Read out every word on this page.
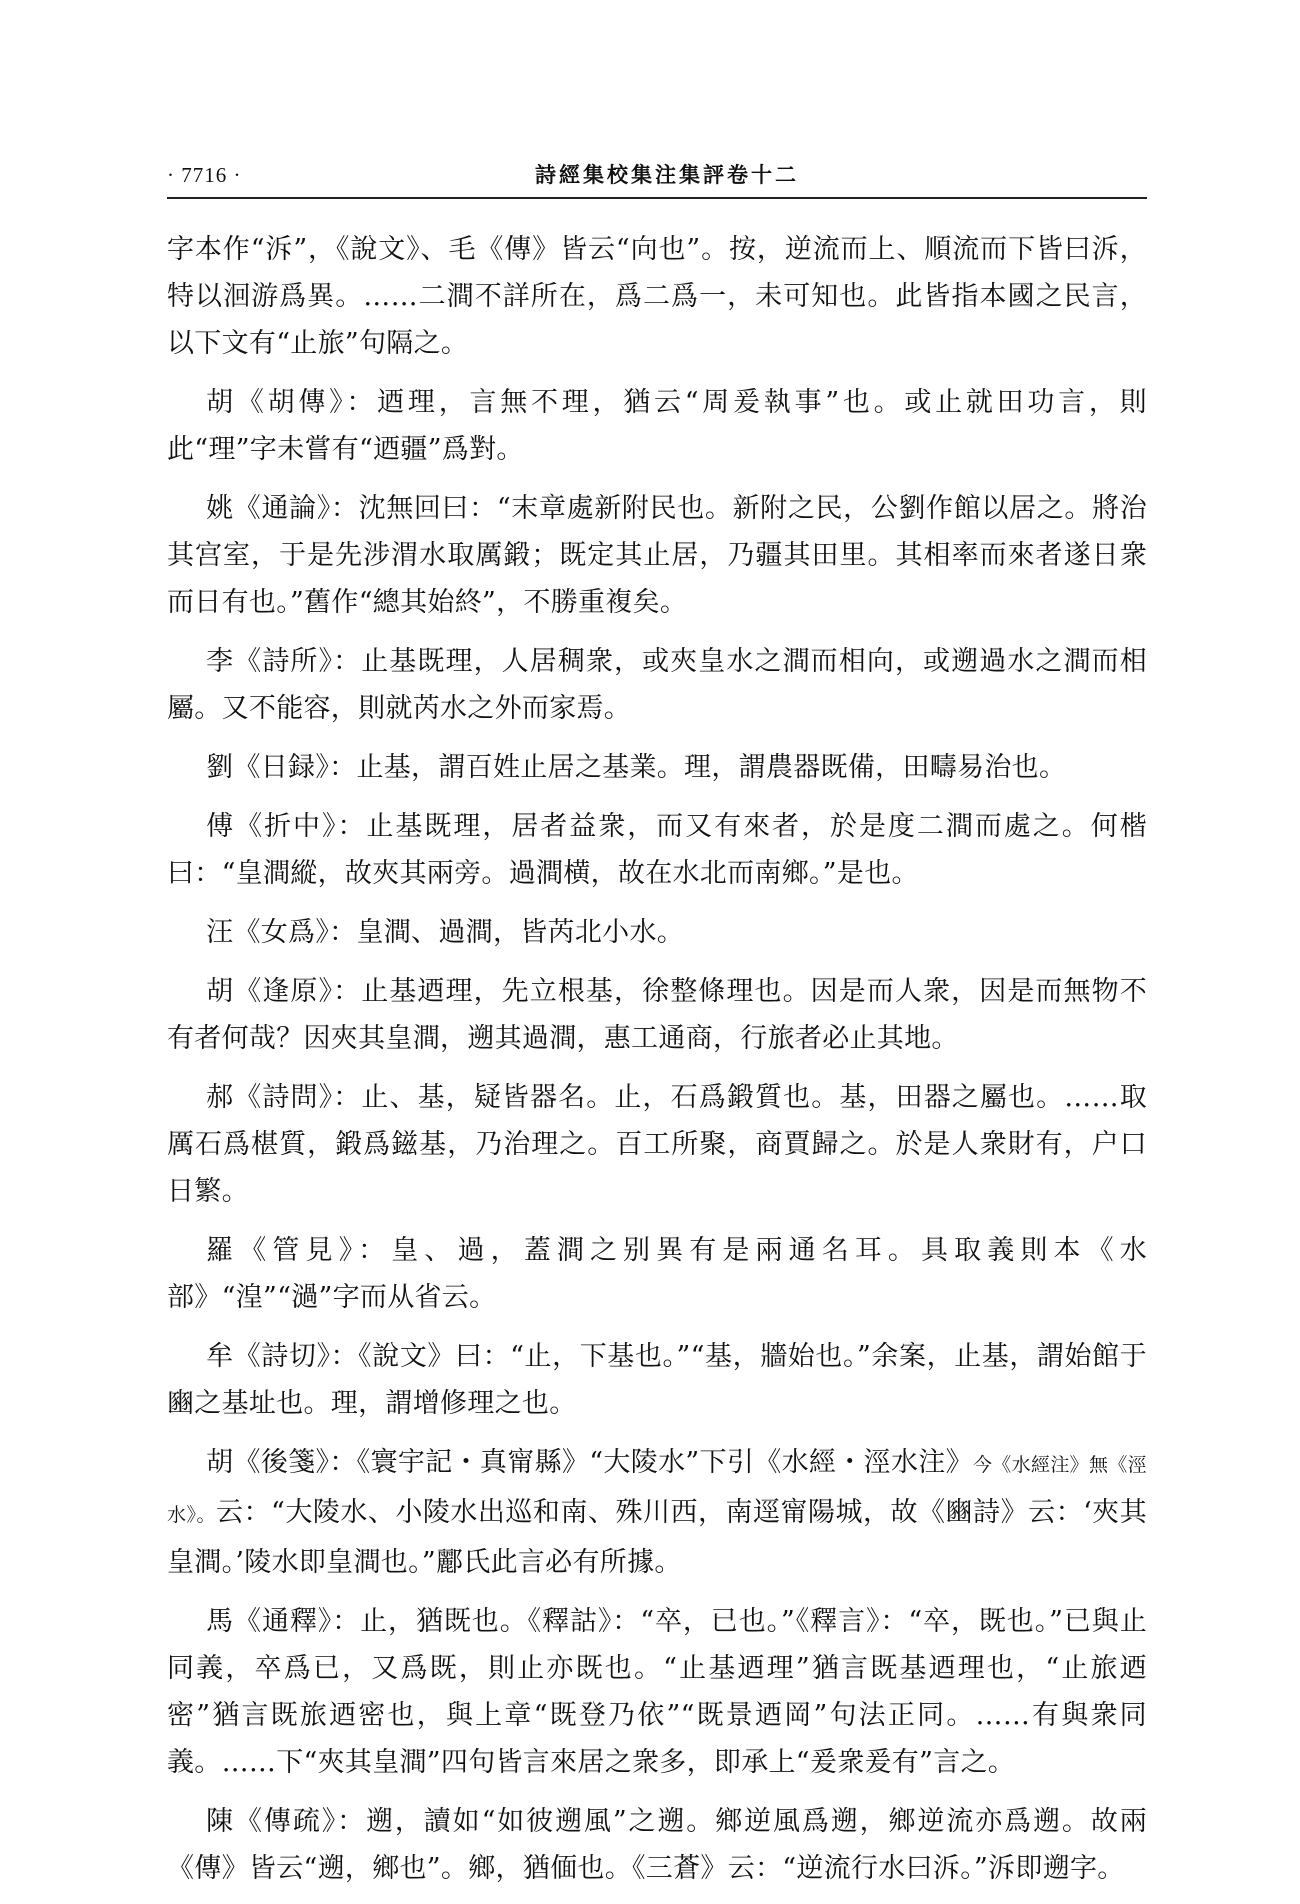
· 7716 ·	詩經集校集注集評卷十二

字本作“泝”，《說文》、毛《傳》皆云“向也”。按，逆流而上、順流而下皆曰泝，特以洄游爲異。……二澗不詳所在，爲二爲一，未可知也。此皆指本國之民言，以下文有“止旅”句隔之。

胡《胡傳》：迺理，言無不理，猶云“周爰執事”也。或止就田功言，則此“理”字未嘗有“迺疆”爲對。

姚《通論》：沈無回曰：“末章處新附民也。新附之民，公劉作館以居之。將治其宫室，于是先涉渭水取厲鍛；既定其止居，乃疆其田里。其相率而來者遂日衆而日有也。”舊作“總其始終”，不勝重複矣。

李《詩所》：止基既理，人居稠衆，或夾皇水之澗而相向，或遡過水之澗而相屬。又不能容，則就芮水之外而家焉。

劉《日録》：止基，謂百姓止居之基業。理，謂農器既備，田疇易治也。

傅《折中》：止基既理，居者益衆，而又有來者，於是度二澗而處之。何楷曰：“皇澗縱，故夾其兩旁。過澗横，故在水北而南鄉。”是也。

汪《女爲》：皇澗、過澗，皆芮北小水。

胡《逢原》：止基迺理，先立根基，徐整條理也。因是而人衆，因是而無物不有者何哉？因夾其皇澗，遡其過澗，惠工通商，行旅者必止其地。

郝《詩問》：止、基，疑皆器名。止，石爲鍛質也。基，田器之屬也。……取厲石爲椹質，鍛爲鎡基，乃治理之。百工所聚，商賈歸之。於是人衆財有，户口日繁。

羅《管見》：皇、過，蓋澗之别異有是兩通名耳。具取義則本《水部》“湟”“濄”字而从省云。

牟《詩切》：《說文》曰：“止，下基也。”“基，牆始也。”余案，止基，謂始館于豳之基址也。理，謂增修理之也。

胡《後箋》：《寰宇記・真甯縣》“大陵水”下引《水經・涇水注》今《水經注》無《涇水》。云：“大陵水、小陵水出巡和南、殊川西，南逕甯陽城，故《豳詩》云：‘夾其皇澗。’陵水即皇澗也。”酈氏此言必有所據。

馬《通釋》：止，猶既也。《釋詁》：“卒，已也。”《釋言》：“卒，既也。”已與止同義，卒爲已，又爲既，則止亦既也。“止基迺理”猶言既基迺理也，“止旅迺密”猶言既旅迺密也，與上章“既登乃依”“既景迺岡”句法正同。……有與衆同義。……下“夾其皇澗”四句皆言來居之衆多，即承上“爰衆爰有”言之。

陳《傳疏》：遡，讀如“如彼遡風”之遡。鄉逆風爲遡，鄉逆流亦爲遡。故兩《傳》皆云“遡，鄉也”。鄉，猶偭也。《三蒼》云：“逆流行水曰泝。”泝即遡字。
